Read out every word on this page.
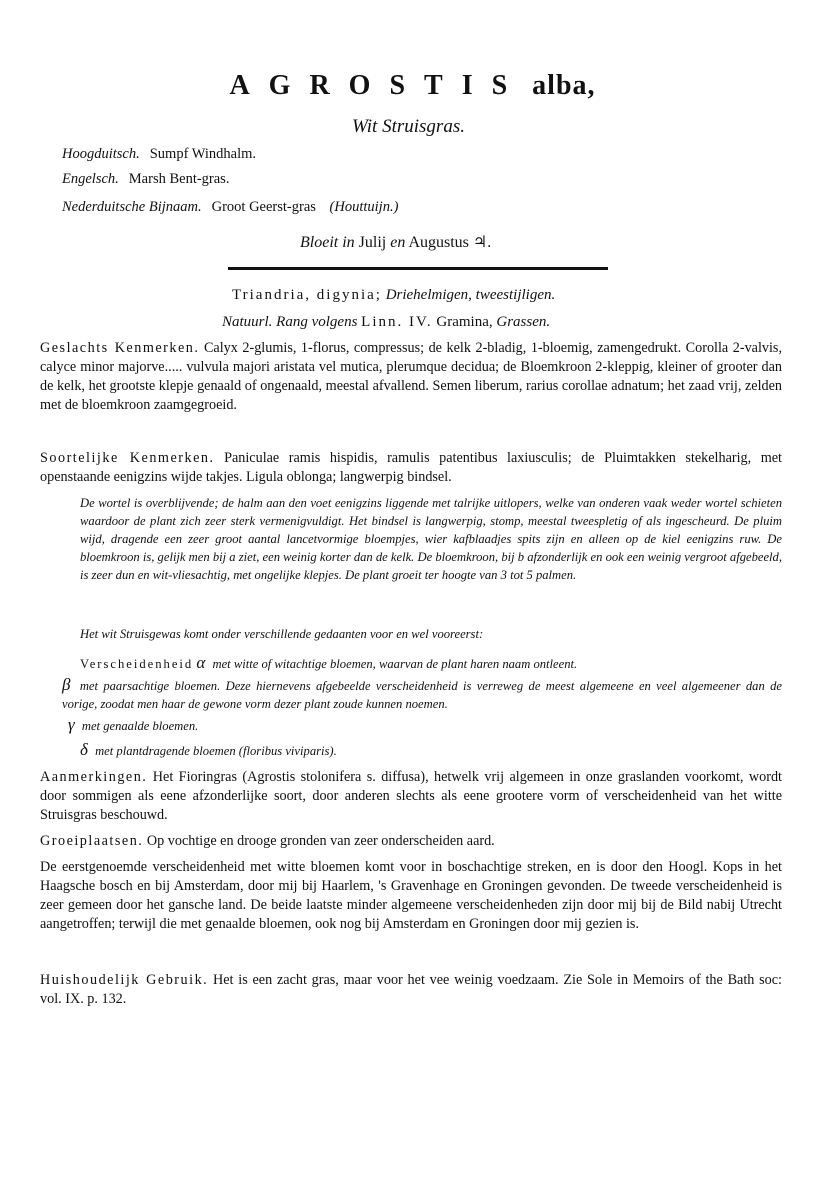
AGROSTIS alba,
Wit Struisgras.
Hoogduitsch. Sumpf Windhalm.
Engelsch. Marsh Bent-gras.
Nederduitsche Bijnaam. Groot Geerst-gras (Houttuijn.)
Bloeit in Julij en Augustus ♃.
Triandria, digynia; Driehelmigen, tweestijligen.
Natuurl. Rang volgens Linn. IV. Gramina, Grassen.
Geslachts Kenmerken. Calyx 2-glumis, 1-florus, compressus; de kelk 2-bladig, 1-bloemig, zamengedrukt. Corolla 2-valvis, calyce minor majorve..... vulvula majori aristata vel mutica, plerumque decidua; de Bloemkroon 2-kleppig, kleiner of grooter dan de kelk, het grootste klepje genaald of ongenaald, meestal afvallend. Semen liberum, rarius corollae adnatum; het zaad vrij, zelden met de bloemkroon zaamgegroeid.
Soortelijke Kenmerken. Paniculae ramis hispidis, ramulis patentibus laxiusculis; de Pluimtakken stekelharig, met openstaande eenigzins wijde takjes. Ligula oblonga; langwerpig bindsel.
De wortel is overblijvende; de halm aan den voet eenigzins liggende met talrijke uitlopers, welke van onderen vaak weder wortel schieten waardoor de plant zich zeer sterk vermenigvuldigt. Het bindsel is langwerpig, stomp, meestal tweespletig of als ingescheurd. De pluim wijd, dragende een zeer groot aantal lancetvormige bloempjes, wier kafblaadjes spits zijn en alleen op de kiel eenigzins ruw. De bloemkroon is, gelijk men bij a ziet, een weinig korter dan de kelk. De bloemkroon, bij b afzonderlijk en ook een weinig vergroot afgebeeld, is zeer dun en wit-vliesachtig, met ongelijke klepjes. De plant groeit ter hoogte van 3 tot 5 palmen.
Het wit Struisgewas komt onder verschillende gedaanten voor en wel vooreerst:
Verscheidenheid α met witte of witachtige bloemen, waarvan de plant haren naam ontleent.
β met paarsachtige bloemen. Deze hiernevens afgebeelde verscheidenheid is verreweg de meest algemeene en veel algemeener dan de vorige, zoodat men haar de gewone vorm dezer plant zoude kunnen noemen.
γ met genaalde bloemen.
δ met plantdragende bloemen (floribus viviparis).
Aanmerkingen. Het Fioringras (Agrostis stolonifera s. diffusa), hetwelk vrij algemeen in onze graslanden voorkomt, wordt door sommigen als eene afzonderlijke soort, door anderen slechts als eene grootere vorm of verscheidenheid van het witte Struisgras beschouwd.
Groeiplaatsen. Op vochtige en drooge gronden van zeer onderscheiden aard.
De eerstgenoemde verscheidenheid met witte bloemen komt voor in boschachtige streken, en is door den Hoogl. Kops in het Haagsche bosch en bij Amsterdam, door mij bij Haarlem, 's Gravenhage en Groningen gevonden. De tweede verscheidenheid is zeer gemeen door het gansche land. De beide laatste minder algemeene verscheidenheden zijn door mij bij de Bild nabij Utrecht aangetroffen; terwijl die met genaalde bloemen, ook nog bij Amsterdam en Groningen door mij gezien is.
Huishoudelijk Gebruik. Het is een zacht gras, maar voor het vee weinig voedzaam. Zie Sole in Memoirs of the Bath soc: vol. IX. p. 132.
